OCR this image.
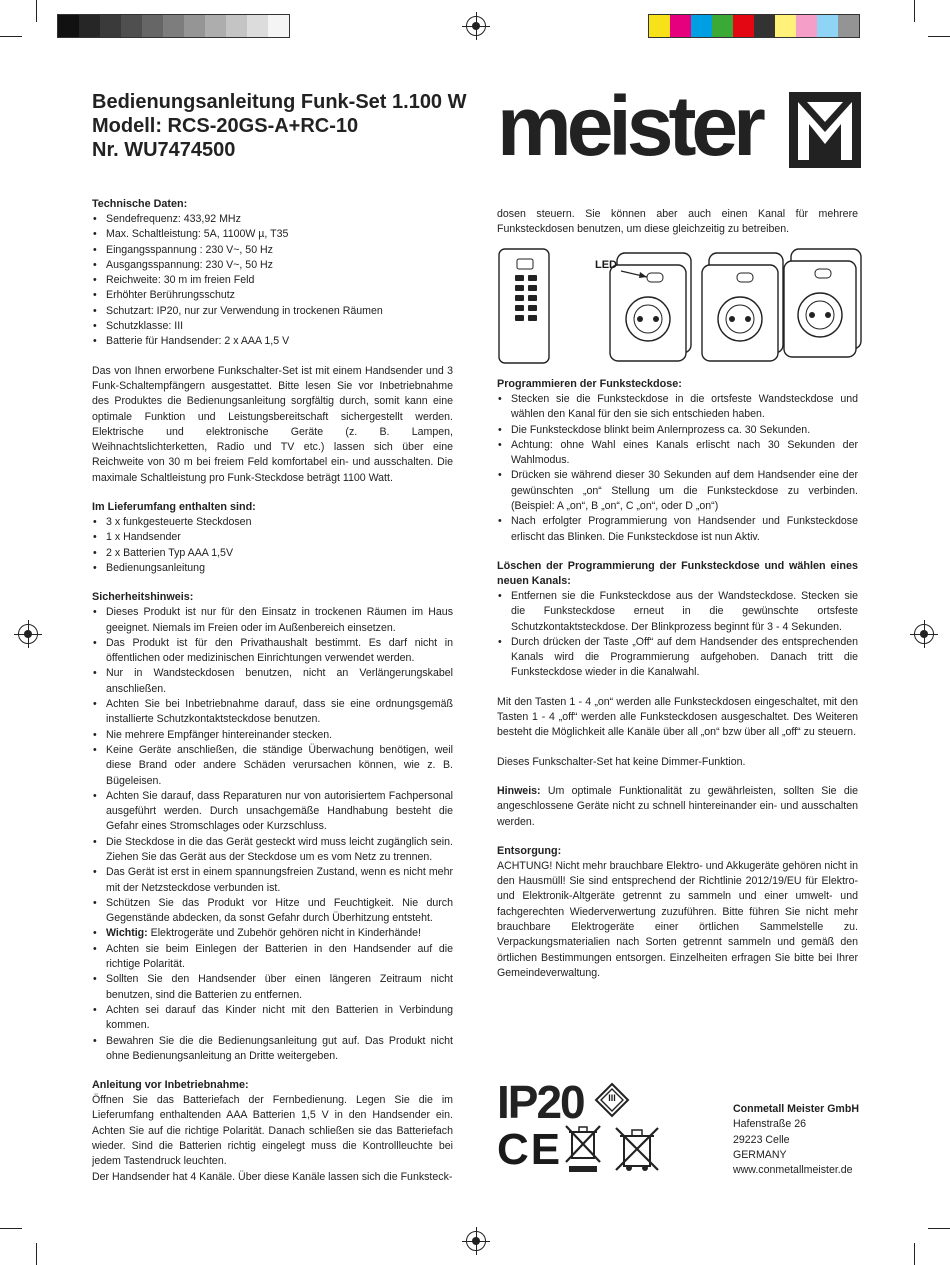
Bedienungsanleitung Funk-Set 1.100 W
Modell: RCS-20GS-A+RC-10
Nr. WU7474500	meister
Technische Daten:
• Sendefrequenz: 433,92 MHz
• Max. Schaltleistung: 5A, 1100W µ, T35
• Eingangsspannung : 230 V~, 50 Hz
• Ausgangsspannung: 230 V~, 50 Hz
• Reichweite: 30 m im freien Feld
• Erhöhter Berührungsschutz
• Schutzart: IP20, nur zur Verwendung in trockenen Räumen
• Schutzklasse: III
• Batterie für Handsender: 2 x AAA 1,5 V

Das von Ihnen erworbene Funkschalter-Set ist mit einem Handsender und 3 Funk-Schaltempfängern ausgestattet. Bitte lesen Sie vor Inbetriebnahme des Produktes die Bedienungsanleitung sorgfältig durch, somit kann eine optimale Funktion und Leistungsbereitschaft sichergestellt werden. Elektrische und elektronische Geräte (z. B. Lampen, Weihnachtslichterketten, Radio und TV etc.) lassen sich über eine Reichweite von 30 m bei freiem Feld komfortabel ein- und ausschalten. Die maximale Schaltleistung pro Funk-Steckdose beträgt 1100 Watt.

Im Lieferumfang enthalten sind:
• 3 x funkgesteuerte Steckdosen
• 1 x Handsender
• 2 x Batterien Typ AAA 1,5V
• Bedienungsanleitung
Sicherheitshinweis:
• Dieses Produkt ist nur für den Einsatz in trockenen Räumen im Haus geeignet. Niemals im Freien oder im Außenbereich einsetzen.
• Das Produkt ist für den Privathaushalt bestimmt. Es darf nicht in öffentlichen oder medizinischen Einrichtungen verwendet werden.
• Nur in Wandsteckdosen benutzen, nicht an Verlängerungskabel anschließen.
• Achten Sie bei Inbetriebnahme darauf, dass sie eine ordnungsgemäß installierte Schutzkontaktsteckdose benutzen.
• Nie mehrere Empfänger hintereinander stecken.
• Keine Geräte anschließen, die ständige Überwachung benötigen, weil diese Brand oder andere Schäden verursachen können, wie z. B. Bügeleisen.
• Achten Sie darauf, dass Reparaturen nur von autorisiertem Fachpersonal ausgeführt werden. Durch unsachgemäße Handhabung besteht die Gefahr eines Stromschlages oder Kurzschluss.
• Die Steckdose in die das Gerät gesteckt wird muss leicht zugänglich sein. Ziehen Sie das Gerät aus der Steckdose um es vom Netz zu trennen.
• Das Gerät ist erst in einem spannungsfreien Zustand, wenn es nicht mehr mit der Netzsteckdose verbunden ist.
• Schützen Sie das Produkt vor Hitze und Feuchtigkeit. Nie durch Gegenstände abdecken, da sonst Gefahr durch Überhitzung entsteht.
• Wichtig: Elektrogeräte und Zubehör gehören nicht in Kinderhände!
• Achten sie beim Einlegen der Batterien in den Handsender auf die richtige Polarität.
• Sollten Sie den Handsender über einen längeren Zeitraum nicht benutzen, sind die Batterien zu entfernen.
• Achten sei darauf das Kinder nicht mit den Batterien in Verbindung kommen.
• Bewahren Sie die die Bedienungsanleitung gut auf. Das Produkt nicht ohne Bedienungsanleitung an Dritte weitergeben.
Anleitung vor Inbetriebnahme:

Öffnen Sie das Batteriefach der Fernbedienung. Legen Sie die im Lieferumfang enthaltenden AAA Batterien 1,5 V in den Handsender ein. Achten Sie auf die richtige Polarität. Danach schließen sie das Batteriefach wieder. Sind die Batterien richtig eingelegt muss die Kontrollleuchte bei jedem Tastendruck leuchten.

Der Handsender hat 4 Kanäle. Über diese Kanäle lassen sich die Funksteck-

dosen steuern. Sie können aber auch einen Kanal für mehrere Funksteckdosen benutzen, um diese gleichzeitig zu betreiben.

LED
Programmieren der Funksteckdose:
• Stecken sie die Funksteckdose in die ortsfeste Wandsteckdose und wählen den Kanal für den sie sich entschieden haben.
• Die Funksteckdose blinkt beim Anlernprozess ca. 30 Sekunden.
• Achtung: ohne Wahl eines Kanals erlischt nach 30 Sekunden der Wahlmodus.
• Drücken sie während dieser 30 Sekunden auf dem Handsender eine der gewünschten „on“ Stellung um die Funksteckdose zu verbinden. (Beispiel: A „on“, B „on“, C „on“, oder D „on“)
• Nach erfolgter Programmierung von Handsender und Funksteckdose erlischt das Blinken. Die Funksteckdose ist nun Aktiv.
Löschen der Programmierung der Funksteckdose und wählen eines neuen Kanals:
• Entfernen sie die Funksteckdose aus der Wandsteckdose. Stecken sie die Funksteckdose erneut in die gewünschte ortsfeste Schutzkontaktsteckdose. Der Blinkprozess beginnt für 3 - 4 Sekunden.
• Durch drücken der Taste „Off“ auf dem Handsender des entsprechenden Kanals wird die Programmierung aufgehoben. Danach tritt die Funksteckdose wieder in die Kanalwahl.

Mit den Tasten 1 - 4 „on“ werden alle Funksteckdosen eingeschaltet, mit den Tasten 1 - 4 „off“ werden alle Funksteckdosen ausgeschaltet. Des Weiteren besteht die Möglichkeit alle Kanäle über all „on“ bzw über all „off“ zu steuern.

Dieses Funkschalter-Set hat keine Dimmer-Funktion.

Hinweis: Um optimale Funktionalität zu gewährleisten, sollten Sie die angeschlossene Geräte nicht zu schnell hintereinander ein- und ausschalten werden.

Entsorgung:

ACHTUNG! Nicht mehr brauchbare Elektro- und Akkugeräte gehören nicht in den Hausmüll! Sie sind entsprechend der Richtlinie 2012/19/EU für Elektro- und Elektronik-Altgeräte getrennt zu sammeln und einer umwelt- und fachgerechten Wiederverwertung zuzuführen. Bitte führen Sie nicht mehr brauchbare Elektrogeräte einer örtlichen Sammelstelle zu. Verpackungsmaterialien nach Sorten getrennt sammeln und gemäß den örtlichen Bestimmungen entsorgen. Einzelheiten erfragen Sie bitte bei Ihrer Gemeindeverwaltung.

IP20	III
CE
Conmetall Meister GmbH
Hafenstraße 26
29223 Celle
GERMANY
www.conmetallmeister.de
